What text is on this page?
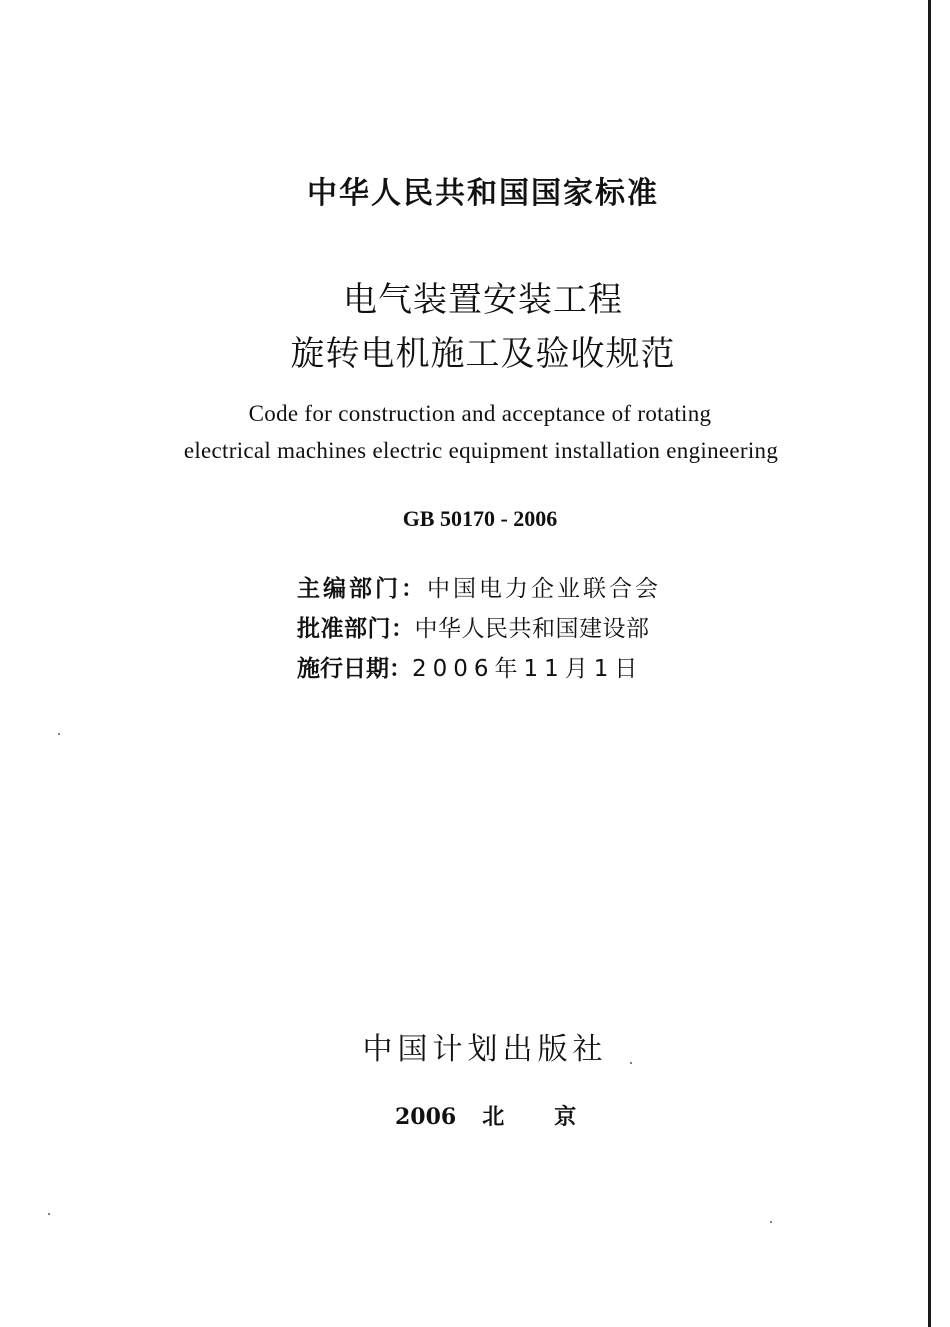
中华人民共和国国家标准
电气装置安装工程
旋转电机施工及验收规范
Code for construction and acceptance of rotating
electrical machines electric equipment installation engineering
GB 50170 - 2006
主编部门：中国电力企业联合会
批准部门：中华人民共和国建设部
施行日期：2006年11月1日
中国计划出版社
2006 北 京
